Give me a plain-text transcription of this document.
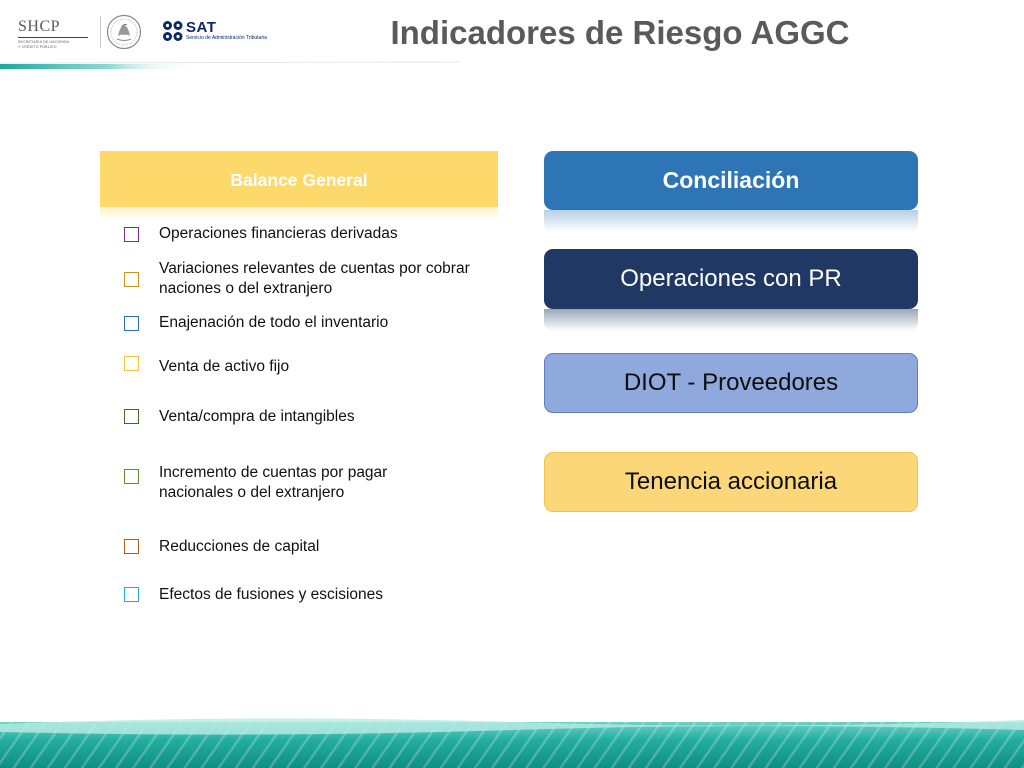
SHCP
SECRETARÍA DE HACIENDA
Y CRÉDITO PÚBLICO
SAT
Servicio de Administración Tributaria	Indicadores de Riesgo AGGC
Balance General
Operaciones financieras derivadas
Variaciones relevantes de cuentas por cobrar naciones o del extranjero
Enajenación de todo el inventario
Venta de activo fijo
Venta/compra de intangibles
Incremento de cuentas por pagar nacionales o del extranjero
Reducciones de capital
Efectos de fusiones y escisiones
Conciliación
Operaciones con PR
DIOT - Proveedores
Tenencia accionaria
